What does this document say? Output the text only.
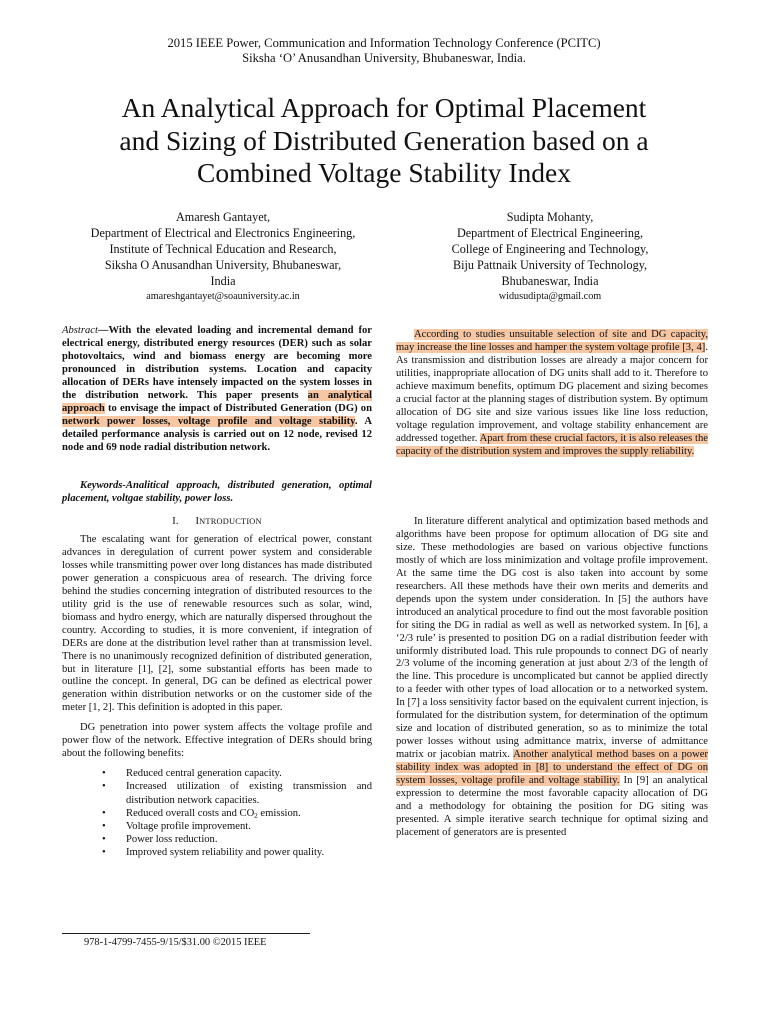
2015 IEEE Power, Communication and Information Technology Conference (PCITC)
Siksha ‘O’ Anusandhan University, Bhubaneswar, India.
An Analytical Approach for Optimal Placement
and Sizing of Distributed Generation based on a
Combined Voltage Stability Index
Amaresh Gantayet,
Department of Electrical and Electronics Engineering,
Institute of Technical Education and Research,
Siksha O Anusandhan University, Bhubaneswar,
India
amareshgantayet@soauniversity.ac.in
Sudipta Mohanty,
Department of Electrical Engineering,
College of Engineering and Technology,
Biju Pattnaik University of Technology,
Bhubaneswar, India
widusudipta@gmail.com

Abstract—With the elevated loading and incremental demand for electrical energy, distributed energy resources (DER) such as solar photovoltaics, wind and biomass energy are becoming more pronounced in distribution systems. Location and capacity allocation of DERs have intensely impacted on the system losses in the distribution network. This paper presents an analytical approach to envisage the impact of Distributed Generation (DG) on network power losses, voltage profile and voltage stability. A detailed performance analysis is carried out on 12 node, revised 12 node and 69 node radial distribution network.

Keywords-Analitical approach, distributed generation, optimal placement, voltgae stability, power loss.

I. INTRODUCTION

The escalating want for generation of electrical power, constant advances in deregulation of current power system and considerable losses while transmitting power over long distances has made distributed power generation a conspicuous area of research. The driving force behind the studies concerning integration of distributed resources to the utility grid is the use of renewable resources such as solar, wind, biomass and hydro energy, which are naturally dispersed throughout the country. According to studies, it is more convenient, if integration of DERs are done at the distribution level rather than at transmission level. There is no unanimously recognized definition of distributed generation, but in literature [1], [2], some substantial efforts has been made to outline the concept. In general, DG can be defined as electrical power generation within distribution networks or on the customer side of the meter [1, 2]. This definition is adopted in this paper.

DG penetration into power system affects the voltage profile and power flow of the network. Effective integration of DERs should bring about the following benefits:

• Reduced central generation capacity.
• Increased utilization of existing transmission and distribution network capacities.
• Reduced overall costs and $CO_2$ emission.
• Voltage profile improvement.
• Power loss reduction.
• Improved system reliability and power quality.

According to studies unsuitable selection of site and DG capacity, may increase the line losses and hamper the system voltage profile [3, 4]. As transmission and distribution losses are already a major concern for utilities, inappropriate allocation of DG units shall add to it. Therefore to achieve maximum benefits, optimum DG placement and sizing becomes a crucial factor at the planning stages of distribution system. By optimum allocation of DG site and size various issues like line loss reduction, voltage regulation improvement, and voltage stability enhancement are addressed together. Apart from these crucial factors, it is also releases the capacity of the distribution system and improves the supply reliability.

In literature different analytical and optimization based methods and algorithms have been propose for optimum allocation of DG site and size. These methodologies are based on various objective functions mostly of which are loss minimization and voltage profile improvement. At the same time the DG cost is also taken into account by some researchers. All these methods have their own merits and demerits and depends upon the system under consideration. In [5] the authors have introduced an analytical procedure to find out the most favorable position for siting the DG in radial as well as well as networked system. In [6], a ‘2/3 rule’ is presented to position DG on a radial distribution feeder with uniformly distributed load. This rule propounds to connect DG of nearly 2/3 volume of the incoming generation at just about 2/3 of the length of the line. This procedure is uncomplicated but cannot be applied directly to a feeder with other types of load allocation or to a networked system. In [7] a loss sensitivity factor based on the equivalent current injection, is formulated for the distribution system, for determination of the optimum size and location of distributed generation, so as to minimize the total power losses without using admittance matrix, inverse of admittance matrix or jacobian matrix. Another analytical method bases on a power stability index was adopted in [8] to understand the effect of DG on system losses, voltage profile and voltage stability. In [9] an analytical expression to determine the most favorable capacity allocation of DG and a methodology for obtaining the position for DG siting was presented. A simple iterative search technique for optimal sizing and placement of generators are is presented

978-1-4799-7455-9/15/$31.00 ©2015 IEEE
